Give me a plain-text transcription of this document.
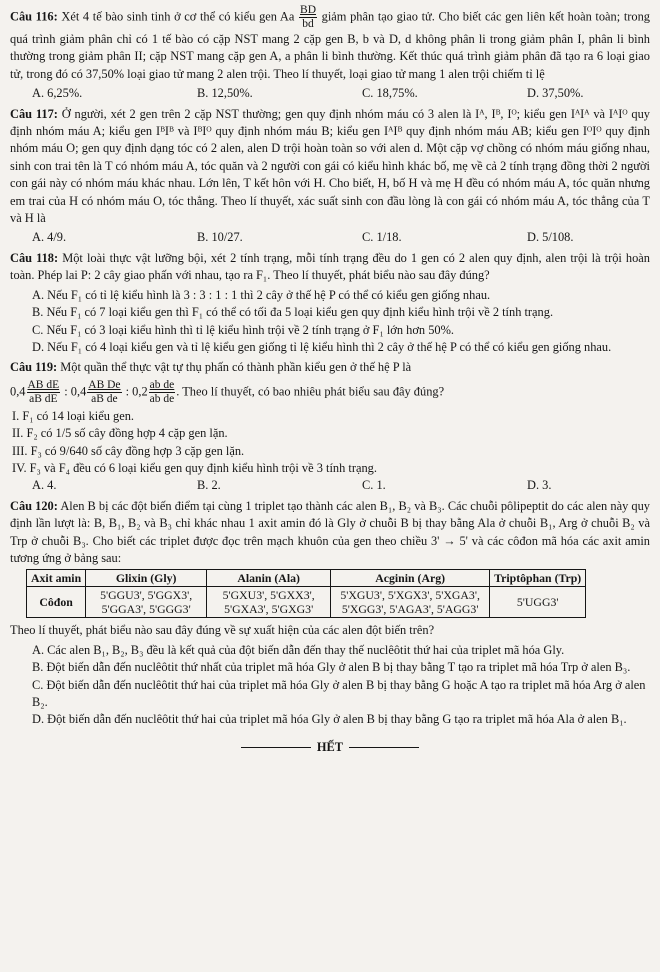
Câu 116: Xét 4 tế bào sinh tinh ở cơ thể có kiểu gen Aa $\frac{BD}{bd}$ giảm phân tạo giao tử. Cho biết các gen liên kết hoàn toàn; trong quá trình giảm phân chỉ có 1 tế bào có cặp NST mang 2 cặp gen B, b và D, d không phân li trong giảm phân I, phân li bình thường trong giảm phân II; cặp NST mang cặp gen A, a phân li bình thường. Kết thúc quá trình giảm phân đã tạo ra 6 loại giao tử, trong đó có 37,50% loại giao tử mang 2 alen trội. Theo lí thuyết, loại giao tử mang 1 alen trội chiếm tỉ lệ
A. 6,25%.	B. 12,50%.	C. 18,75%.	D. 37,50%.
Câu 117: Ở người, xét 2 gen trên 2 cặp NST thường; gen quy định nhóm máu có 3 alen là Iᴬ, Iᴮ, Iᴼ; kiểu gen IᴬIᴬ và IᴬIᴼ quy định nhóm máu A; kiểu gen IᴮIᴮ và IᴮIᴼ quy định nhóm máu B; kiểu gen IᴬIᴮ quy định nhóm máu AB; kiểu gen IᴼIᴼ quy định nhóm máu O; gen quy định dạng tóc có 2 alen, alen D trội hoàn toàn so với alen d. Một cặp vợ chồng có nhóm máu giống nhau, sinh con trai tên là T có nhóm máu A, tóc quăn và 2 người con gái có kiểu hình khác bố, mẹ về cả 2 tính trạng đồng thời 2 người con gái này có nhóm máu khác nhau. Lớn lên, T kết hôn với H. Cho biết, H, bố H và mẹ H đều có nhóm máu A, tóc quăn nhưng em trai của H có nhóm máu O, tóc thẳng. Theo lí thuyết, xác suất sinh con đầu lòng là con gái có nhóm máu A, tóc thẳng của T và H là
A. 4/9.	B. 10/27.	C. 1/18.	D. 5/108.
Câu 118: Một loài thực vật lưỡng bội, xét 2 tính trạng, mỗi tính trạng đều do 1 gen có 2 alen quy định, alen trội là trội hoàn toàn. Phép lai P: 2 cây giao phấn với nhau, tạo ra F₁. Theo lí thuyết, phát biểu nào sau đây đúng?
A. Nếu F₁ có tỉ lệ kiểu hình là 3 : 3 : 1 : 1 thì 2 cây ở thế hệ P có thể có kiểu gen giống nhau.
B. Nếu F₁ có 7 loại kiểu gen thì F₁ có thể có tối đa 5 loại kiểu gen quy định kiểu hình trội về 2 tính trạng.
C. Nếu F₁ có 3 loại kiểu hình thì tỉ lệ kiểu hình trội về 2 tính trạng ở F₁ lớn hơn 50%.
D. Nếu F₁ có 4 loại kiểu gen và tỉ lệ kiểu gen giống tỉ lệ kiểu hình thì 2 cây ở thế hệ P có thể có kiểu gen giống nhau.
Câu 119: Một quần thể thực vật tự thụ phấn có thành phần kiểu gen ở thế hệ P là
$0,4 \frac{\text{AB dE}}{\text{aB dE}}$ : $0,4 \frac{\text{AB De}}{\text{aB de}}$ : $0,2 \frac{\text{ab de}}{\text{ab de}}$ . Theo lí thuyết, có bao nhiêu phát biểu sau đây đúng?
I. F₁ có 14 loại kiểu gen.
II. F₂ có 1/5 số cây đồng hợp 4 cặp gen lặn.
III. F₃ có 9/640 số cây đồng hợp 3 cặp gen lặn.
IV. F₃ và F₄ đều có 6 loại kiểu gen quy định kiểu hình trội về 3 tính trạng.
A. 4.	B. 2.	C. 1.	D. 3.
Câu 120: Alen B bị các đột biến điểm tại cùng 1 triplet tạo thành các alen B₁, B₂ và B₃. Các chuỗi pôlipeptit do các alen này quy định lần lượt là: B, B₁, B₂ và B₃ chỉ khác nhau 1 axit amin đó là Gly ở chuỗi B bị thay bằng Ala ở chuỗi B₁, Arg ở chuỗi B₂ và Trp ở chuỗi B₃. Cho biết các triplet được đọc trên mạch khuôn của gen theo chiều 3' → 5' và các côđon mã hóa các axit amin tương ứng ở bảng sau:
Axit amin	Glixin (Gly)	Alanin (Ala)	Acginin (Arg)	Triptôphan (Trp)
Côđon	5'GGU3', 5'GGX3', 5'GGA3', 5'GGG3'	5'GXU3', 5'GXX3', 5'GXA3', 5'GXG3'	5'XGU3', 5'XGX3', 5'XGA3', 5'XGG3', 5'AGA3', 5'AGG3'	5'UGG3'
Theo lí thuyết, phát biểu nào sau đây đúng về sự xuất hiện của các alen đột biến trên?
A. Các alen B₁, B₂, B₃ đều là kết quả của đột biến dẫn đến thay thế nuclêôtit thứ hai của triplet mã hóa Gly.
B. Đột biến dẫn đến nuclêôtit thứ nhất của triplet mã hóa Gly ở alen B bị thay bằng T tạo ra triplet mã hóa Trp ở alen B₃.
C. Đột biến dẫn đến nuclêôtit thứ hai của triplet mã hóa Gly ở alen B bị thay bằng G hoặc A tạo ra triplet mã hóa Arg ở alen B₂.
D. Đột biến dẫn đến nuclêôtit thứ hai của triplet mã hóa Gly ở alen B bị thay bằng G tạo ra triplet mã hóa Ala ở alen B₁.
HẾT
